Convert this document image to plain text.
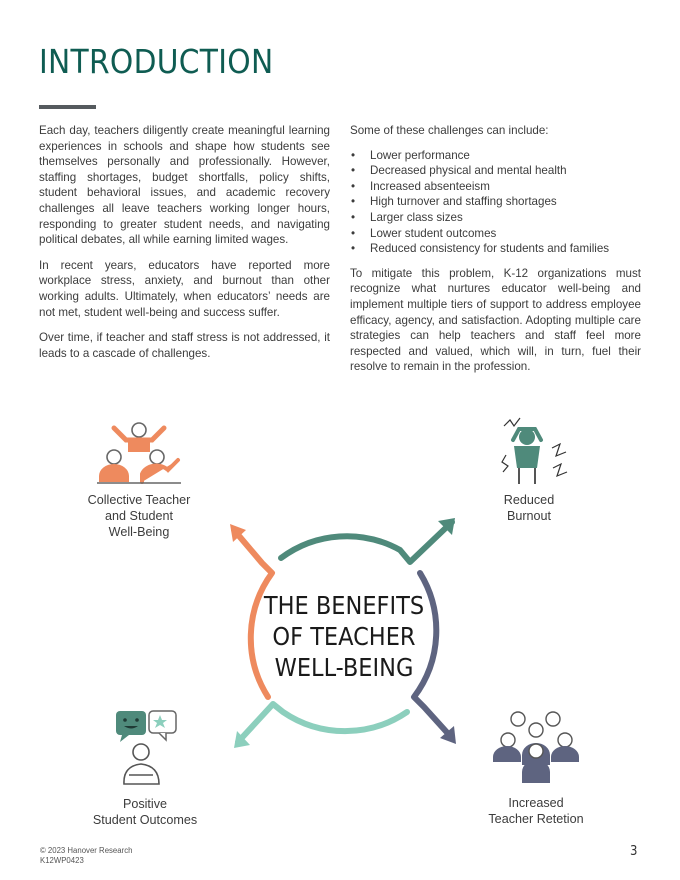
INTRODUCTION

Each day, teachers diligently create meaningful learning experiences in schools and shape how students see themselves personally and professionally. However, staffing shortages, budget shortfalls, policy shifts, student behavioral issues, and academic recovery challenges all leave teachers working longer hours, responding to greater student needs, and navigating political debates, all while earning limited wages.

In recent years, educators have reported more workplace stress, anxiety, and burnout than other working adults. Ultimately, when educators’ needs are not met, student well-being and success suffer.

Over time, if teacher and staff stress is not addressed, it leads to a cascade of challenges.

Some of these challenges can include:

• Lower performance
• Decreased physical and mental health
• Increased absenteeism
• High turnover and staffing shortages
• Larger class sizes
• Lower student outcomes
• Reduced consistency for students and families

To mitigate this problem, K-12 organizations must recognize what nurtures educator well-being and implement multiple tiers of support to address employee efficacy, agency, and satisfaction. Adopting multiple care strategies can help teachers and staff feel more respected and valued, which will, in turn, fuel their resolve to remain in the profession.

THE BENEFITS
OF TEACHER
WELL-BEING
Collective Teacher
and Student
Well-Being
Reduced
Burnout
Positive
Student Outcomes
Increased
Teacher Retetion
© 2023 Hanover Research
K12WP0423
3
